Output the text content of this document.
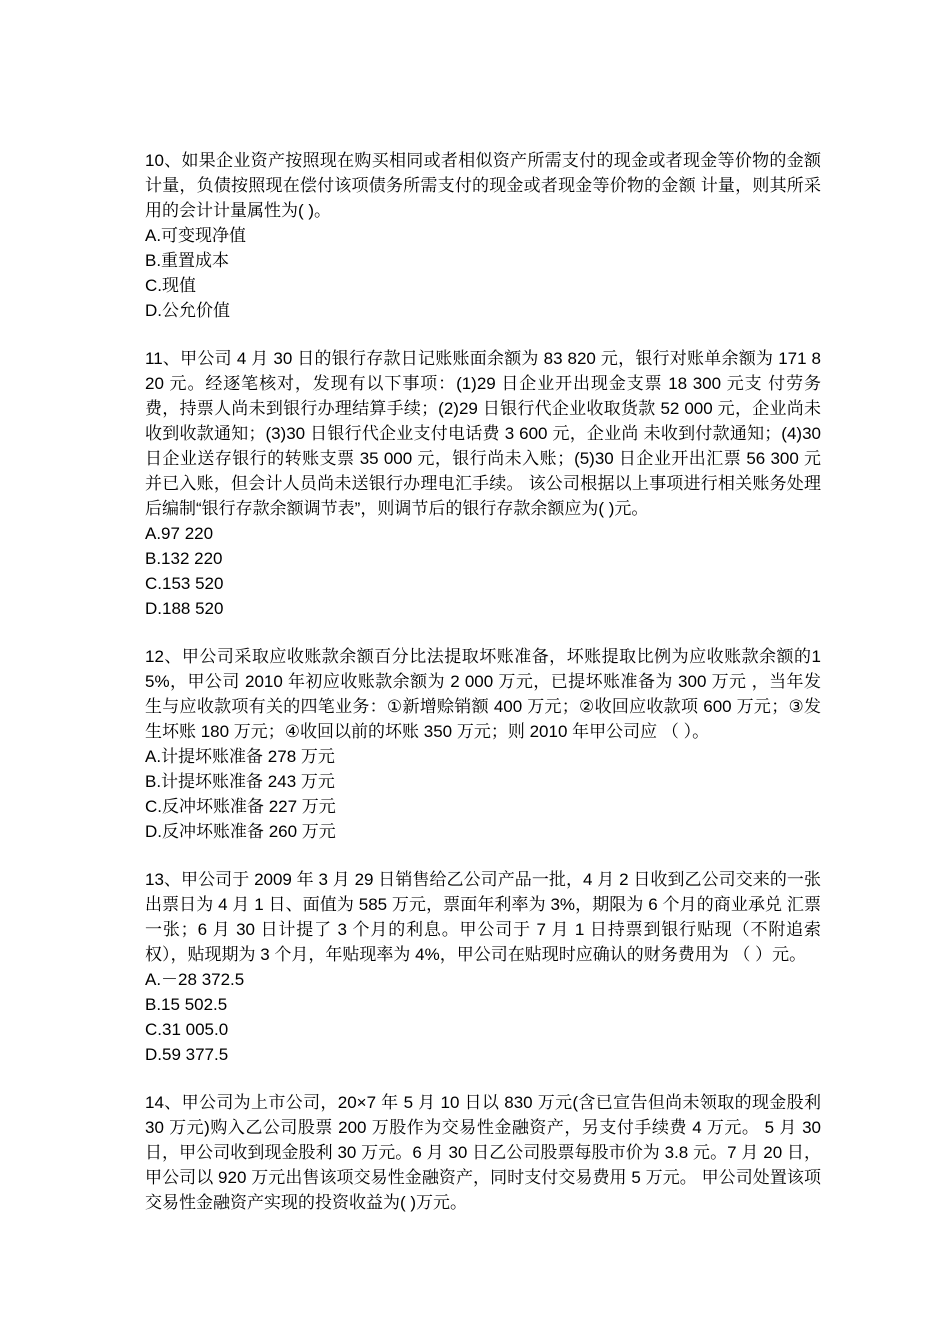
10、如果企业资产按照现在购买相同或者相似资产所需支付的现金或者现金等价物的金额计量，负债按照现在偿付该项债务所需支付的现金或者现金等价物的金额 计量，则其所采用的会计计量属性为( )。

A.可变现净值
B.重置成本
C.现值
D.公允价值

11、甲公司 4 月 30 日的银行存款日记账账面余额为 83 820 元，银行对账单余额为 171 820 元。经逐笔核对，发现有以下事项：(1)29 日企业开出现金支票 18 300 元支 付劳务费，持票人尚未到银行办理结算手续；(2)29 日银行代企业收取货款 52 000 元，企业尚未收到收款通知；(3)30 日银行代企业支付电话费 3 600 元，企业尚 未收到付款通知；(4)30 日企业送存银行的转账支票 35 000 元，银行尚未入账；(5)30 日企业开出汇票 56 300 元并已入账，但会计人员尚未送银行办理电汇手续。 该公司根据以上事项进行相关账务处理后编制“银行存款余额调节表”，则调节后的银行存款余额应为( )元。

A.97 220
B.132 220
C.153 520
D.188 520

12、甲公司采取应收账款余额百分比法提取坏账准备，坏账提取比例为应收账款余额的15%，甲公司 2010 年初应收账款余额为 2 000 万元，已提坏账准备为 300 万元 ，当年发生与应收款项有关的四笔业务：①新增赊销额 400 万元；②收回应收款项 600 万元；③发生坏账 180 万元；④收回以前的坏账 350 万元；则 2010 年甲公司应 （ ）。

A.计提坏账准备 278 万元
B.计提坏账准备 243 万元
C.反冲坏账准备 227 万元
D.反冲坏账准备 260 万元

13、甲公司于 2009 年 3 月 29 日销售给乙公司产品一批，4 月 2 日收到乙公司交来的一张出票日为 4 月 1 日、面值为 585 万元，票面年利率为 3%，期限为 6 个月的商业承兑 汇票一张；6 月 30 日计提了 3 个月的利息。甲公司于 7 月 1 日持票到银行贴现（不附追索权），贴现期为 3 个月，年贴现率为 4%，甲公司在贴现时应确认的财务费用为 （ ）元。

A.－28 372.5
B.15 502.5
C.31 005.0
D.59 377.5

14、甲公司为上市公司，20×7 年 5 月 10 日以 830 万元(含已宣告但尚未领取的现金股利 30 万元)购入乙公司股票 200 万股作为交易性金融资产，另支付手续费 4 万元。 5 月 30 日，甲公司收到现金股利 30 万元。6 月 30 日乙公司股票每股市价为 3.8 元。7 月 20 日，甲公司以 920 万元出售该项交易性金融资产，同时支付交易费用 5 万元。 甲公司处置该项交易性金融资产实现的投资收益为( )万元。
